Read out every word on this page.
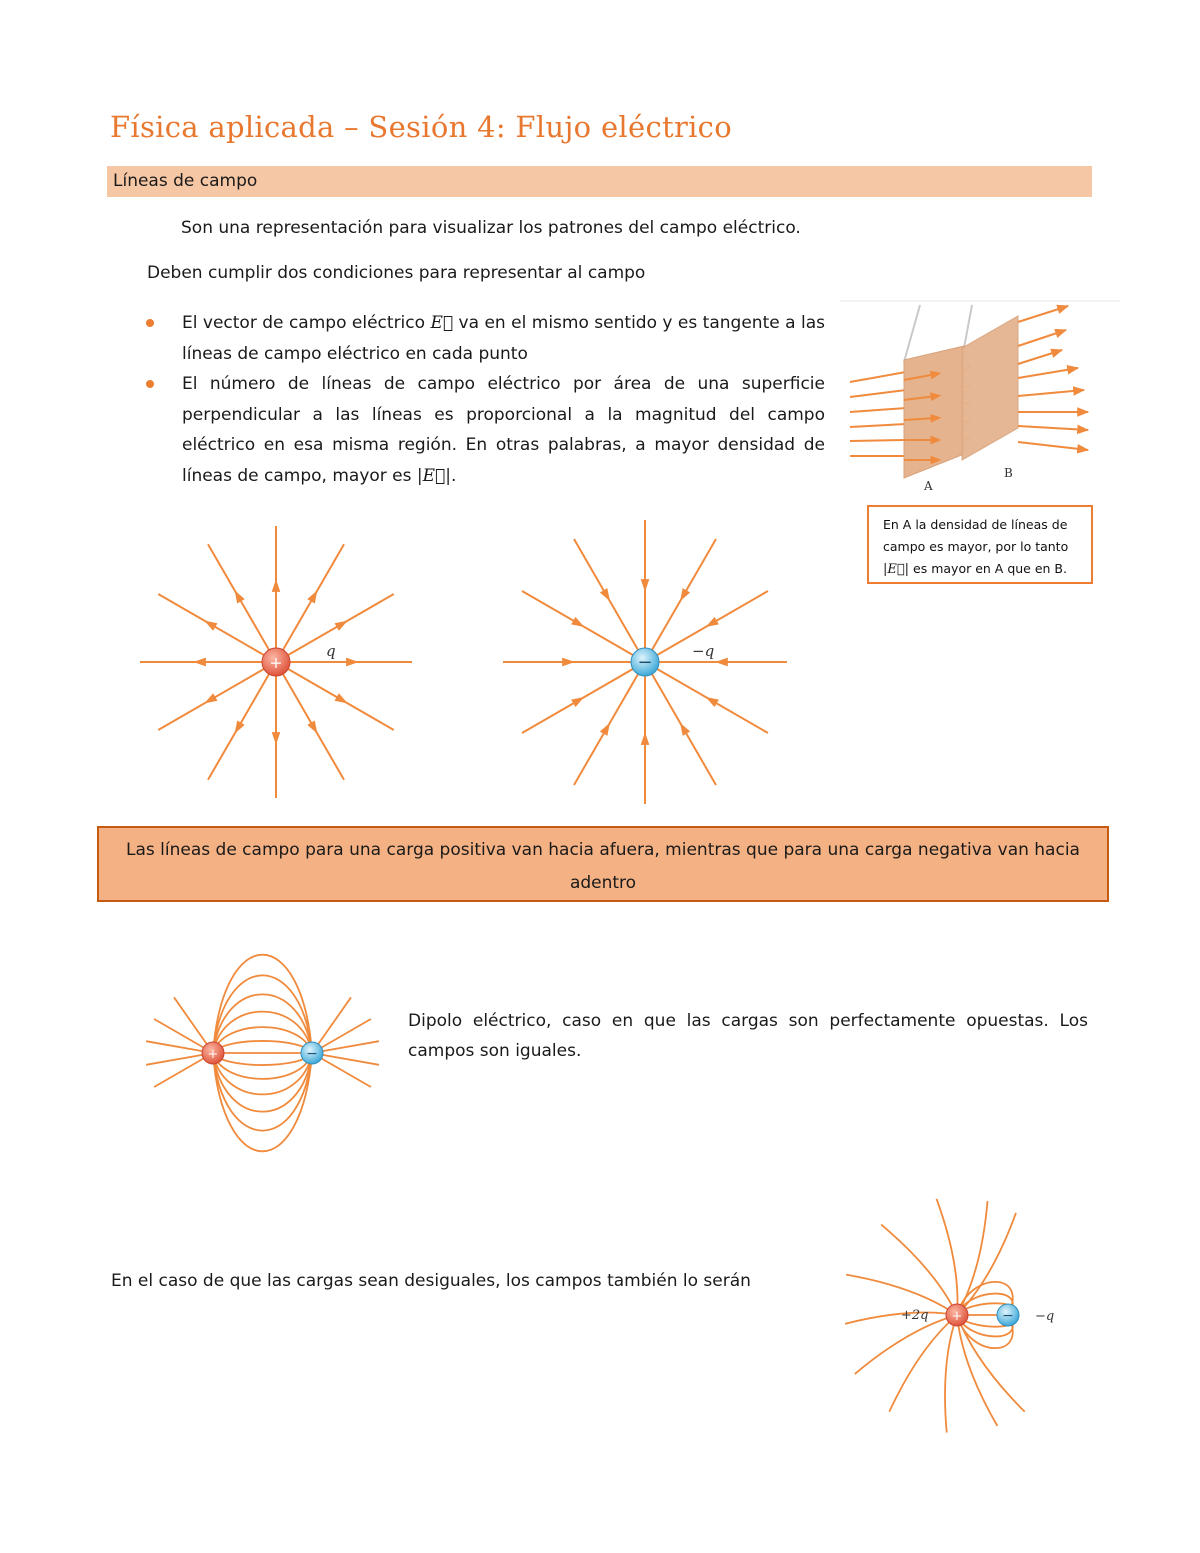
Física aplicada – Sesión 4: Flujo eléctrico
Líneas de campo
Son una representación para visualizar los patrones del campo eléctrico.
Deben cumplir dos condiciones para representar al campo
El vector de campo eléctrico E⃗ va en el mismo sentido y es tangente a las líneas de campo eléctrico en cada punto
El número de líneas de campo eléctrico por área de una superficie perpendicular a las líneas es proporcional a la magnitud del campo eléctrico en esa misma región. En otras palabras, a mayor densidad de líneas de campo, mayor es |E⃗|.
A
B
En A la densidad de líneas de
campo es mayor, por lo tanto
|E⃗| es mayor en A que en B.
+
q
−
−q
Las líneas de campo para una carga positiva van hacia afuera, mientras que para una carga negativa van hacia adentro
+	−
Dipolo eléctrico, caso en que las cargas son perfectamente opuestas. Los campos son iguales.
En el caso de que las cargas sean desiguales, los campos también lo serán
+	−
+2q	−q
